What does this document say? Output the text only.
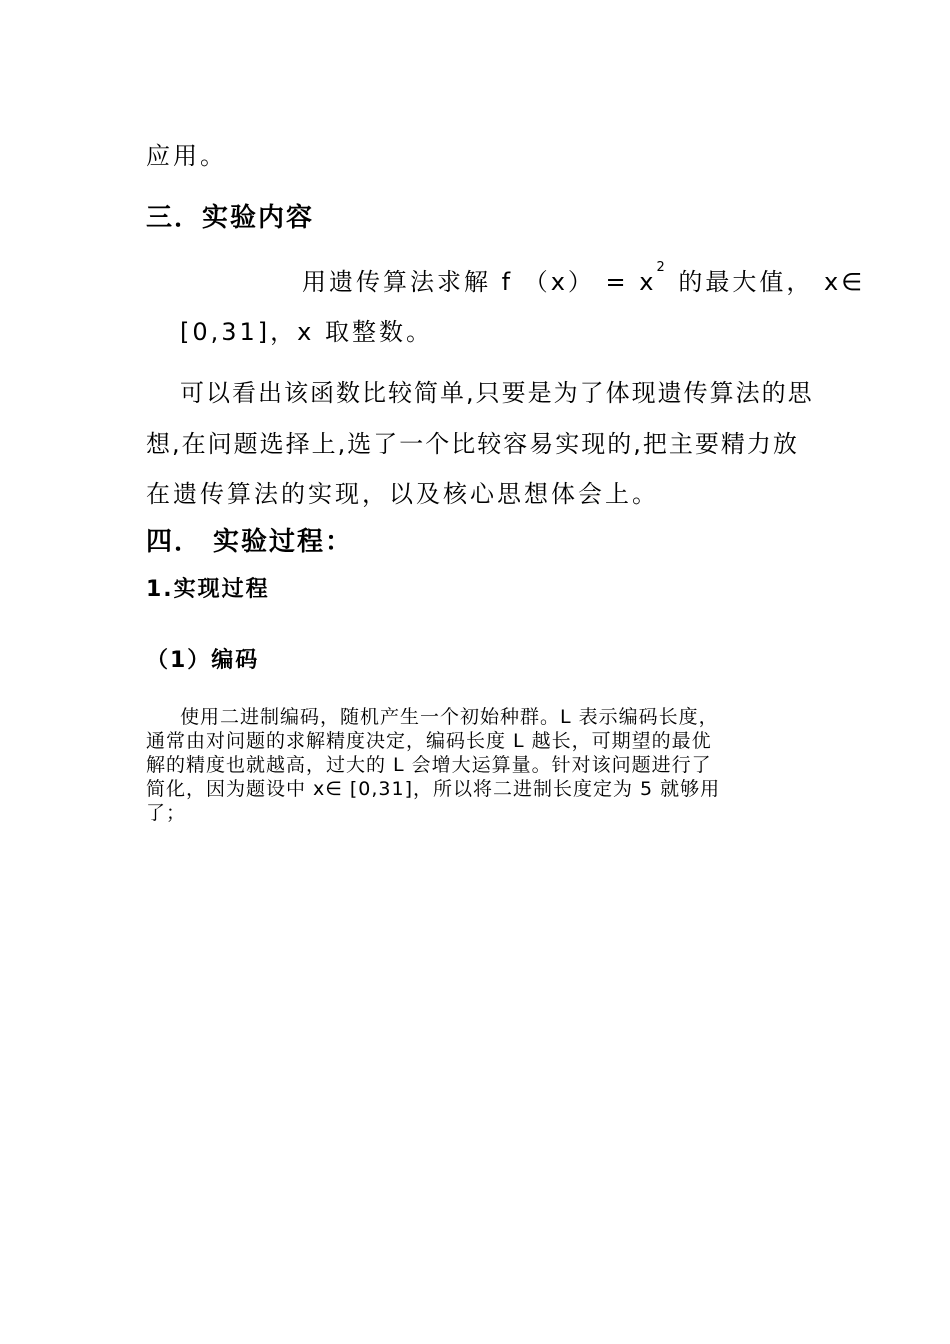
应用。

三．实验内容

用遗传算法求解 f $(x) = x^2$ 的最大值， x∈

[0,31]，x 取整数。

可以看出该函数比较简单,只要是为了体现遗传算法的思

想,在问题选择上,选了一个比较容易实现的,把主要精力放

在遗传算法的实现，以及核心思想体会上。

四． 实验过程：

1.实现过程

（1）编码

使用二进制编码，随机产生一个初始种群。L 表示编码长度，

通常由对问题的求解精度决定，编码长度 L 越长，可期望的最优

解的精度也就越高，过大的 L 会增大运算量。针对该问题进行了

简化，因为题设中 x∈ [0,31]，所以将二进制长度定为 5 就够用

了；
